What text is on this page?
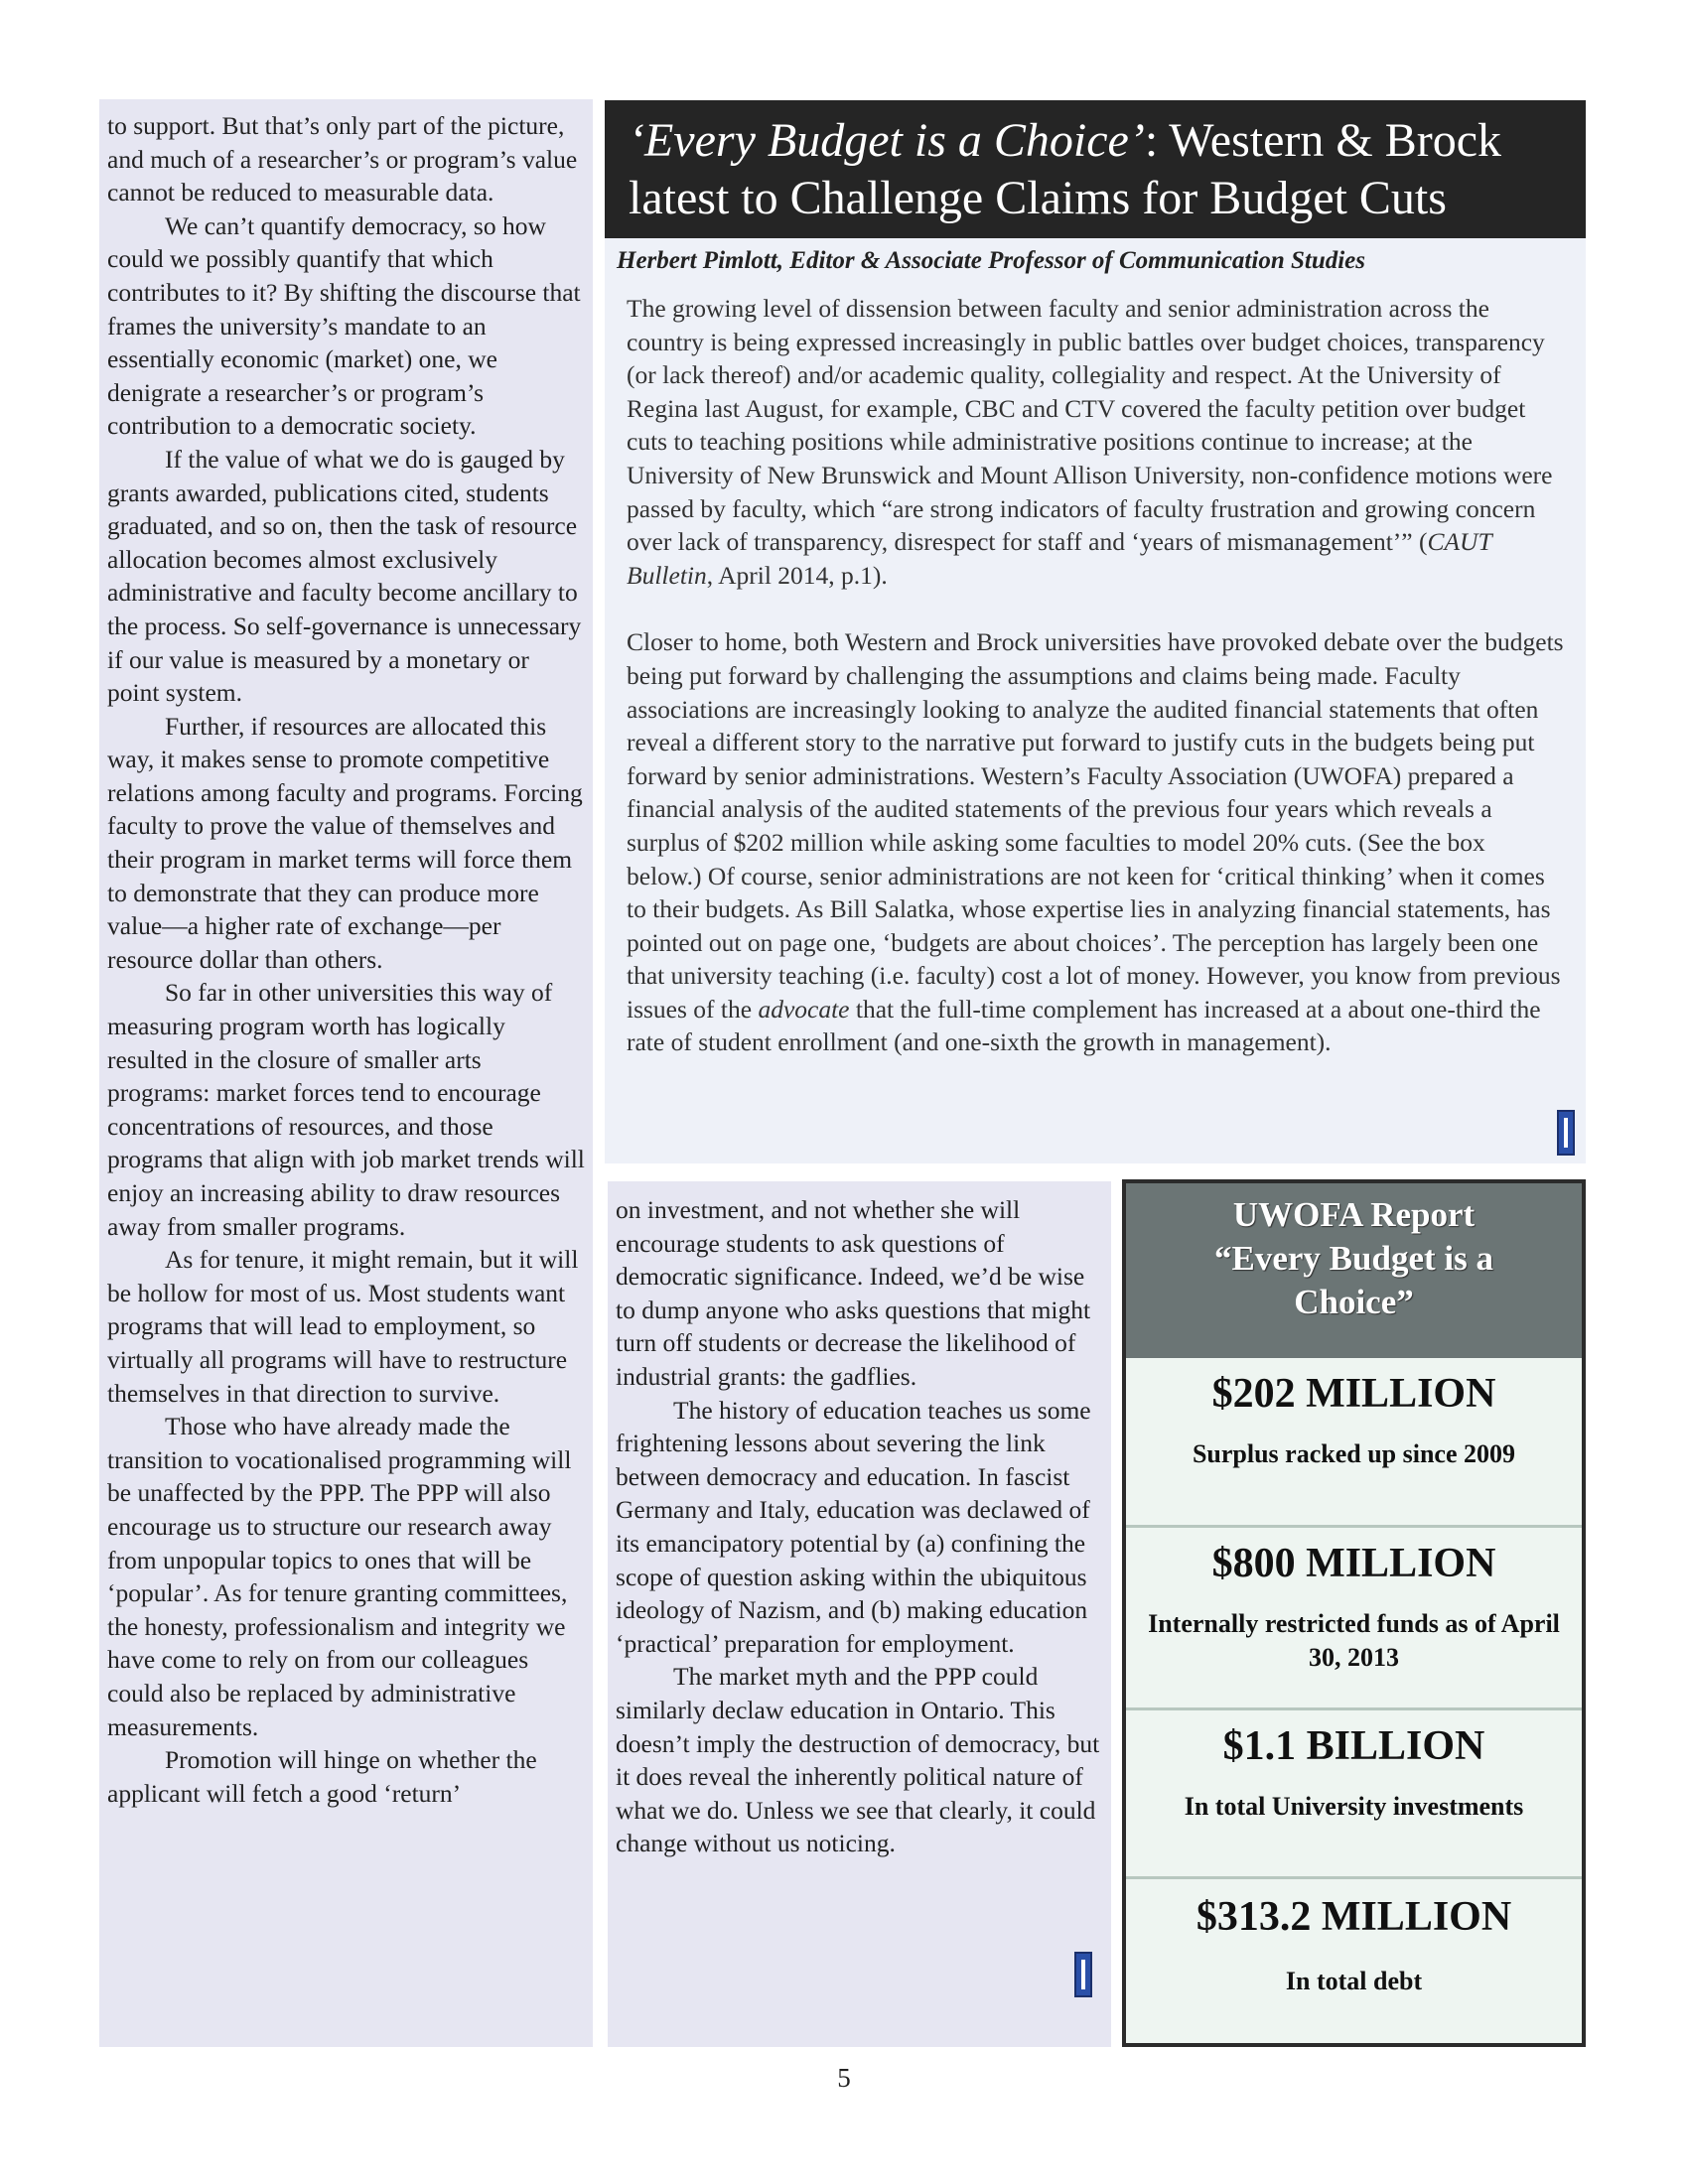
to support. But that’s only part of the picture, and much of a researcher’s or program’s value cannot be reduced to measurable data.

We can’t quantify democracy, so how could we possibly quantify that which contributes to it? By shifting the discourse that frames the university’s mandate to an essentially economic (market) one, we denigrate a researcher’s or program’s contribution to a democratic society.

If the value of what we do is gauged by grants awarded, publications cited, students graduated, and so on, then the task of resource allocation becomes almost exclusively administrative and faculty become ancillary to the process. So self-governance is unnecessary if our value is measured by a monetary or point system.

Further, if resources are allocated this way, it makes sense to promote competitive relations among faculty and programs. Forcing faculty to prove the value of themselves and their program in market terms will force them to demonstrate that they can produce more value—a higher rate of exchange—per resource dollar than others.

So far in other universities this way of measuring program worth has logically resulted in the closure of smaller arts programs: market forces tend to encourage concentrations of resources, and those programs that align with job market trends will enjoy an increasing ability to draw resources away from smaller programs.

As for tenure, it might remain, but it will be hollow for most of us. Most students want programs that will lead to employment, so virtually all programs will have to restructure themselves in that direction to survive.

Those who have already made the transition to vocationalised programming will be unaffected by the PPP. The PPP will also encourage us to structure our research away from unpopular topics to ones that will be ‘popular’. As for tenure granting committees, the honesty, professionalism and integrity we have come to rely on from our colleagues could also be replaced by administrative measurements.

Promotion will hinge on whether the applicant will fetch a good ‘return’

‘Every Budget is a Choice’: Western & Brock latest to Challenge Claims for Budget Cuts
Herbert Pimlott, Editor & Associate Professor of Communication Studies

The growing level of dissension between faculty and senior administration across the country is being expressed increasingly in public battles over budget choices, transparency (or lack thereof) and/or academic quality, collegiality and respect. At the University of Regina last August, for example, CBC and CTV covered the faculty petition over budget cuts to teaching positions while administrative positions continue to increase; at the University of New Brunswick and Mount Allison University, non-confidence motions were passed by faculty, which “are strong indicators of faculty frustration and growing concern over lack of transparency, disrespect for staff and ‘years of mismanagement’” (CAUT Bulletin, April 2014, p.1).

Closer to home, both Western and Brock universities have provoked debate over the budgets being put forward by challenging the assumptions and claims being made. Faculty associations are increasingly looking to analyze the audited financial statements that often reveal a different story to the narrative put forward to justify cuts in the budgets being put forward by senior administrations. Western’s Faculty Association (UWOFA) prepared a financial analysis of the audited statements of the previous four years which reveals a surplus of $202 million while asking some faculties to model 20% cuts. (See the box below.) Of course, senior administrations are not keen for ‘critical thinking’ when it comes to their budgets. As Bill Salatka, whose expertise lies in analyzing financial statements, has pointed out on page one, ‘budgets are about choices’. The perception has largely been one that university teaching (i.e. faculty) cost a lot of money. However, you know from previous issues of the advocate that the full-time complement has increased at a about one-third the rate of student enrollment (and one-sixth the growth in management).

on investment, and not whether she will encourage students to ask questions of democratic significance. Indeed, we’d be wise to dump anyone who asks questions that might turn off students or decrease the likelihood of industrial grants: the gadflies.

The history of education teaches us some frightening lessons about severing the link between democracy and education. In fascist Germany and Italy, education was declawed of its emancipatory potential by (a) confining the scope of question asking within the ubiquitous ideology of Nazism, and (b) making education ‘practical’ preparation for employment.

The market myth and the PPP could similarly declaw education in Ontario. This doesn’t imply the destruction of democracy, but it does reveal the inherently political nature of what we do. Unless we see that clearly, it could change without us noticing.

UWOFA Report
“Every Budget is a Choice”
$202 MILLION
Surplus racked up since 2009
$800 MILLION
Internally restricted funds as of April 30, 2013
$1.1 BILLION
In total University investments
$313.2 MILLION
In total debt
5
